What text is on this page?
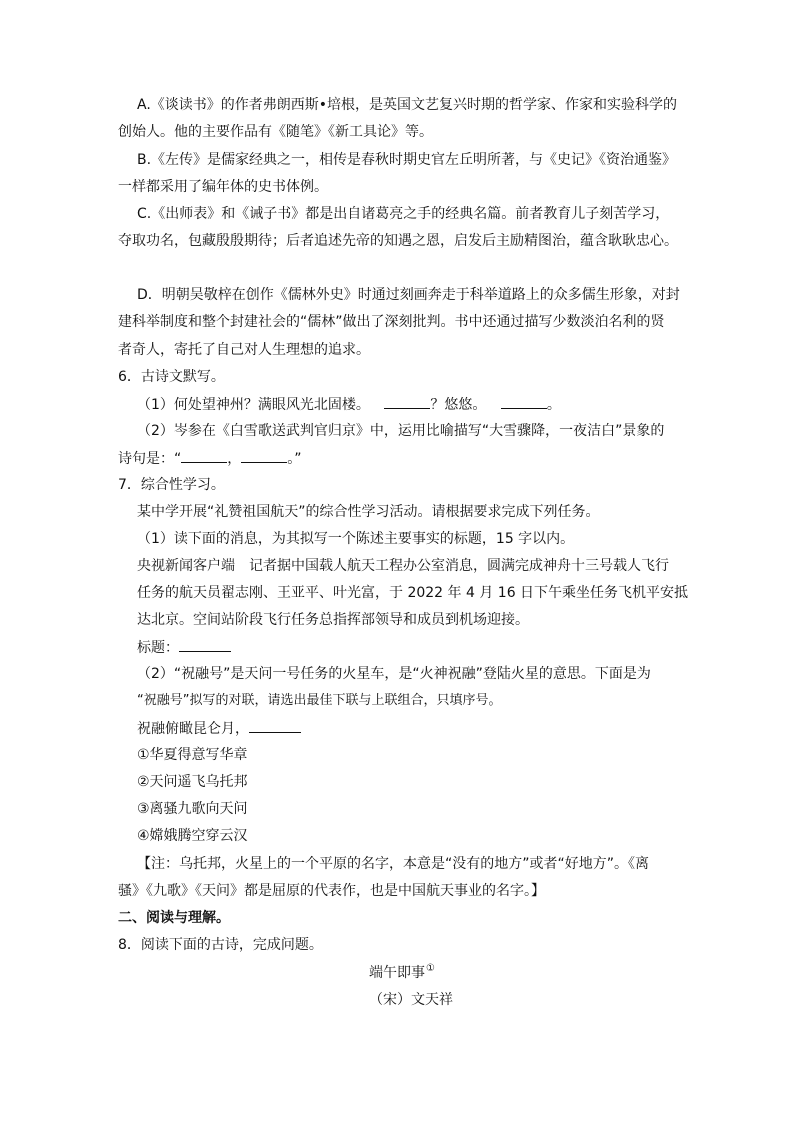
A.《谈读书》的作者弗朗西斯•培根，是英国文艺复兴时期的哲学家、作家和实验科学的
创始人。他的主要作品有《随笔》《新工具论》等。
B.《左传》是儒家经典之一，相传是春秋时期史官左丘明所著，与《史记》《资治通鉴》
一样都采用了编年体的史书体例。
C.《出师表》和《诫子书》都是出自诸葛亮之手的经典名篇。前者教育儿子刻苦学习，
夺取功名，包藏殷殷期待；后者追述先帝的知遇之恩，启发后主励精图治，蕴含耿耿忠心。
D．明朝吴敬梓在创作《儒林外史》时通过刻画奔走于科举道路上的众多儒生形象，对封
建科举制度和整个封建社会的“儒林”做出了深刻批判。书中还通过描写少数淡泊名利的贤
者奇人，寄托了自己对人生理想的追求。
6．古诗文默写。
（1）何处望神州？满眼风光北固楼。	？悠悠。	。
（2）岑参在《白雪歌送武判官归京》中，运用比喻描写“大雪骤降，一夜洁白”景象的
诗句是：“	，	。”
7．综合性学习。
某中学开展“礼赞祖国航天”的综合性学习活动。请根据要求完成下列任务。
（1）读下面的消息，为其拟写一个陈述主要事实的标题，15 字以内。
央视新闻客户端　记者据中国载人航天工程办公室消息，圆满完成神舟十三号载人飞行
任务的航天员翟志刚、王亚平、叶光富，于 2022 年 4 月 16 日下午乘坐任务飞机平安抵
达北京。空间站阶段飞行任务总指挥部领导和成员到机场迎接。
标题：
（2）“祝融号”是天问一号任务的火星车，是“火神祝融”登陆火星的意思。下面是为
“祝融号”拟写的对联，请选出最佳下联与上联组合，只填序号。
祝融俯瞰昆仑月，
①华夏得意写华章
②天问遥飞乌托邦
③离骚九歌向天问
④嫦娥腾空穿云汉
【注：乌托邦，火星上的一个平原的名字，本意是“没有的地方”或者“好地方”。《离
骚》《九歌》《天问》都是屈原的代表作，也是中国航天事业的名字。】
二、阅读与理解。
8．阅读下面的古诗，完成问题。
端午即事①
（宋）文天祥
